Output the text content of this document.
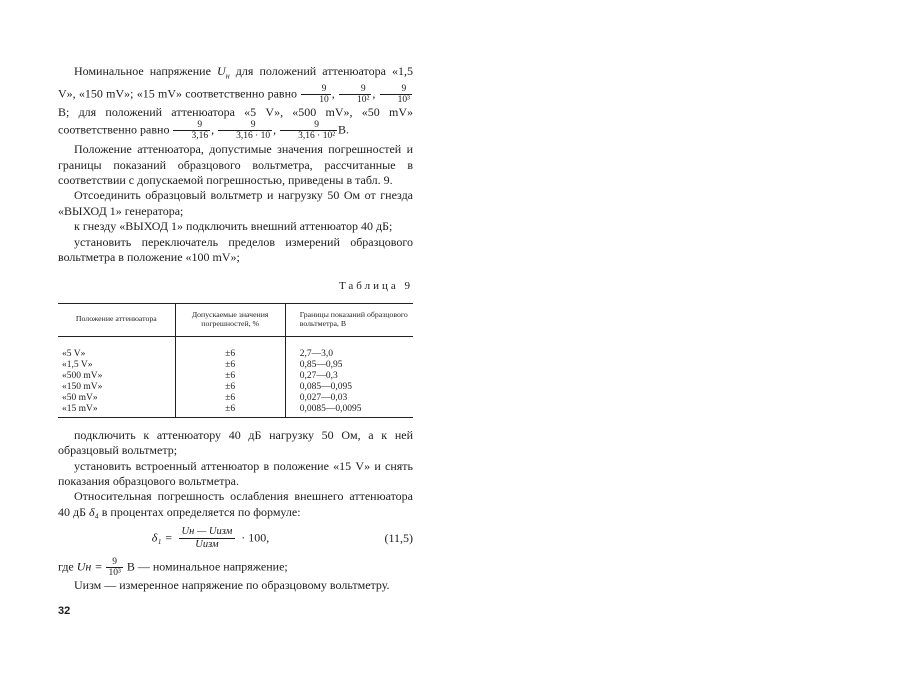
Номинальное напряжение $U_н$ для положений аттенюатора «1,5 V», «150 mV»; «15 mV» соответственно равно $\frac{9}{10}$ , $\frac{9}{\text{10²}}$ , $\frac{9}{\text{10³}}$
В; для положений аттенюатора «5 V», «500 mV», «50 mV» соответственно равно $\frac{9}{3,16}$ , $\frac{9}{3,16 \cdot 10}$ , $\frac{9}{\text{3,16 · 10²}} В$.

Положение аттенюатора, допустимые значения погрешностей и границы показаний образцового вольтметра, рассчитанные в соответствии с допускаемой погрешностью, приведены в табл. 9.

Отсоединить образцовый вольтметр и нагрузку 50 Ом от гнезда «ВЫХОД 1» генератора;

к гнезду «ВЫХОД 1» подключить внешний аттенюатор 40 дБ;

установить переключатель пределов измерений образцового вольтметра в положение «100 mV»;

Таблица 9
Положение аттенюатора	Допускаемые значения погрешностей, %	Границы показаний образцового вольтметра, В
«5 V»	±6	2,7—3,0
«1,5 V»	±6	0,85—0,95
«500 mV»	±6	0,27—0,3
«150 mV»	±6	0,085—0,095
«50 mV»	±6	0,027—0,03
«15 mV»	±6	0,0085—0,0095

подключить к аттенюатору 40 дБ нагрузку 50 Ом, а к ней образцовый вольтметр;

установить встроенный аттенюатор в положение «15 V» и снять показания образцового вольтметра.

Относительная погрешность ослабления внешнего аттенюатора 40 дБ δ₄ в процентах определяется по формуле:

$\delta_1 = \frac{\text{Uн — Uизм}}{\text{Uизм}} \cdot 100$,	(11,5)

где Uн = $\frac{9}{\text{10³}}$ В — номинальное напряжение;

Uизм — измеренное напряжение по образцовому вольтметру.

32
